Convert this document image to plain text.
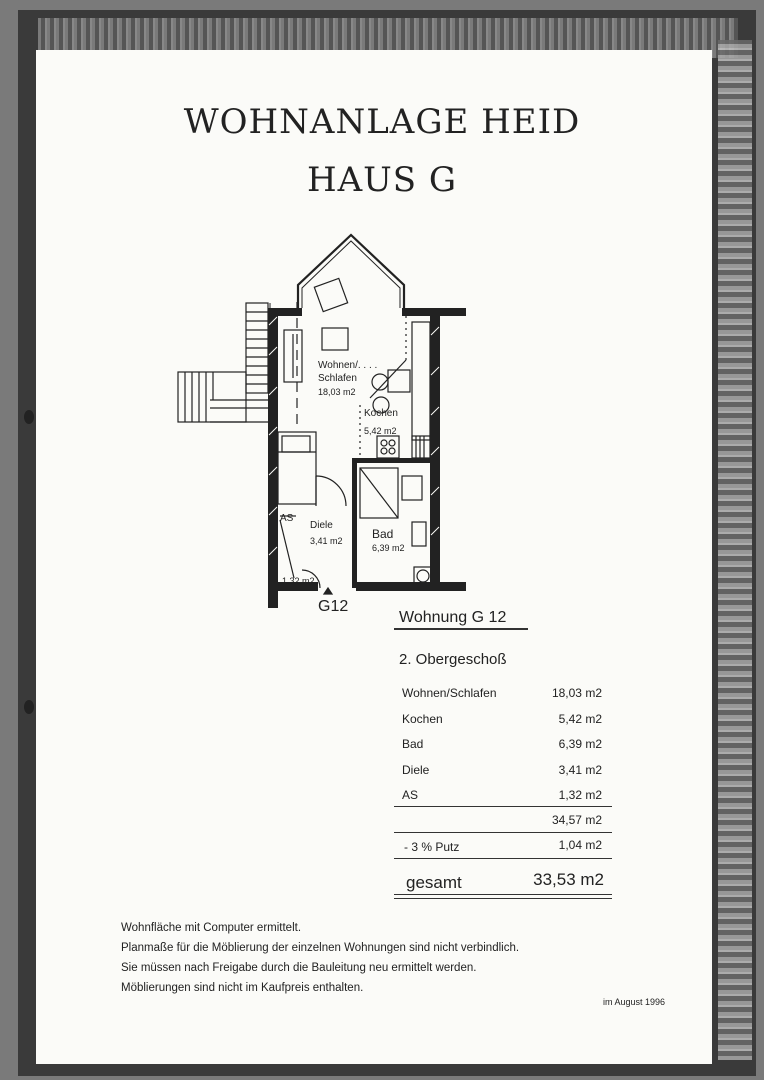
WOHNANLAGE HEID
HAUS G
Wohnen/. . . .
Schlafen
18,03 m2
Kochen
5,42 m2
Diele
3,41 m2 Bad
6,39 m2
AS
1,32 m2
G12
Wohnung G 12
2. Obergeschoß
Wohnen/Schlafen	18,03 m2
Kochen	5,42 m2
Bad	6,39 m2
Diele	3,41 m2
AS	1,32 m2
34,57 m2
- 3 % Putz	1,04 m2
gesamt	33,53 m2
Wohnfläche mit Computer ermittelt.
Planmaße für die Möblierung der einzelnen Wohnungen sind nicht verbindlich.
Sie müssen nach Freigabe durch die Bauleitung neu ermittelt werden.
Möblierungen sind nicht im Kaufpreis enthalten.
im August 1996
